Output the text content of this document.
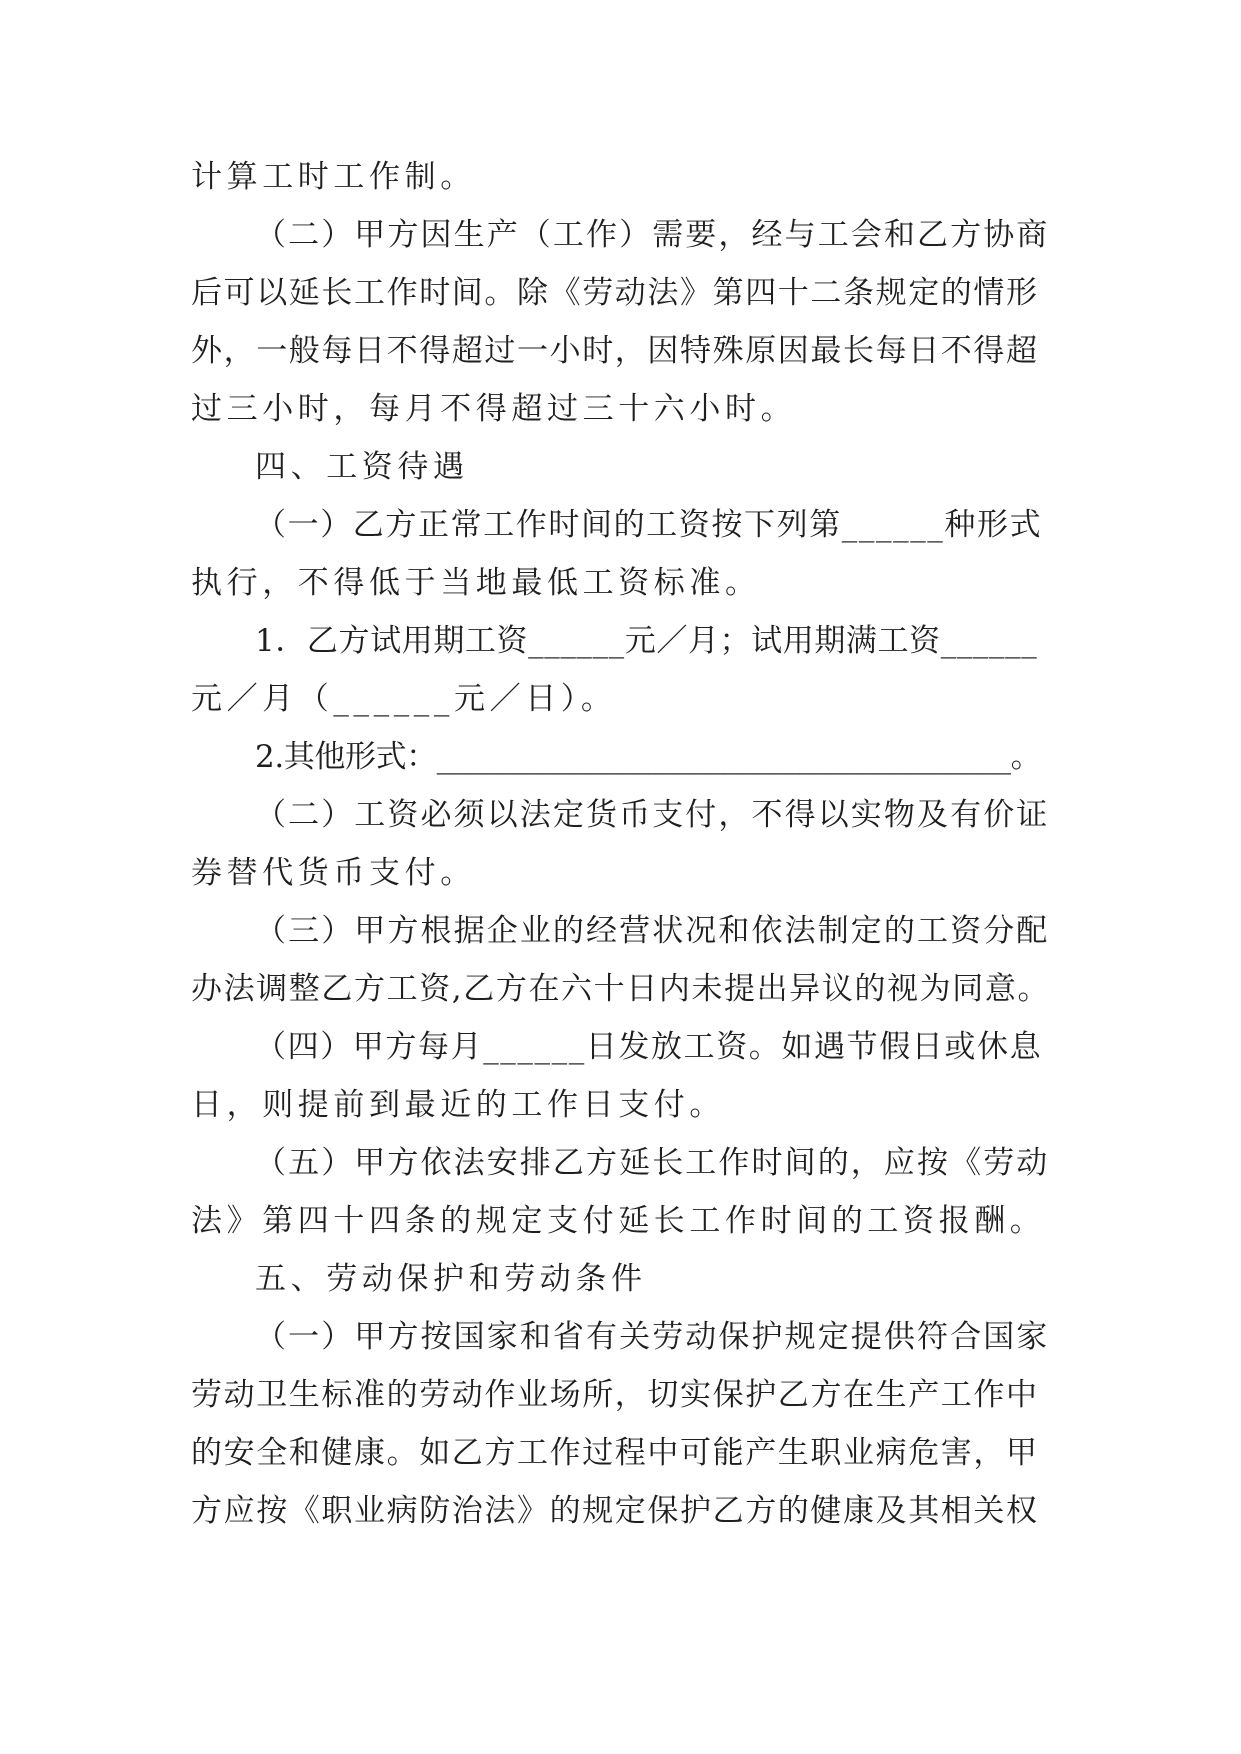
计算工时工作制。
（二）甲方因生产（工作）需要，经与工会和乙方协商
后可以延长工作时间。除《劳动法》第四十二条规定的情形
外，一般每日不得超过一小时，因特殊原因最长每日不得超
过三小时，每月不得超过三十六小时。
四、工资待遇
（一）乙方正常工作时间的工资按下列第______种形式
执行，不得低于当地最低工资标准。
1．乙方试用期工资______元／月；试用期满工资______
元／月（______元／日）。
2.其他形式：______________________________________。
（二）工资必须以法定货币支付，不得以实物及有价证
券替代货币支付。
（三）甲方根据企业的经营状况和依法制定的工资分配
办法调整乙方工资,乙方在六十日内未提出异议的视为同意。
（四）甲方每月______日发放工资。如遇节假日或休息
日，则提前到最近的工作日支付。
（五）甲方依法安排乙方延长工作时间的，应按《劳动
法》第四十四条的规定支付延长工作时间的工资报酬。
五、劳动保护和劳动条件
（一）甲方按国家和省有关劳动保护规定提供符合国家
劳动卫生标准的劳动作业场所，切实保护乙方在生产工作中
的安全和健康。如乙方工作过程中可能产生职业病危害，甲
方应按《职业病防治法》的规定保护乙方的健康及其相关权
